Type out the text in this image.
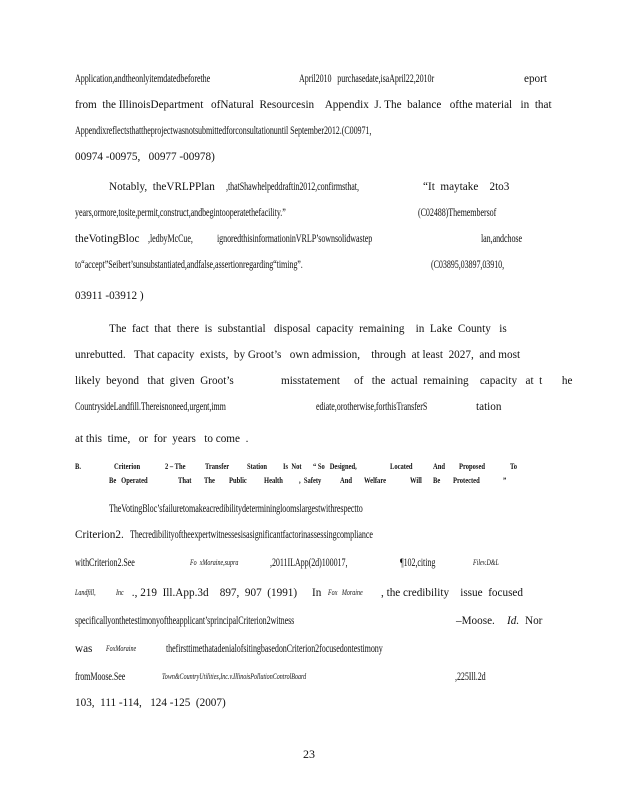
Application,andtheonlyitemdatedbeforethe	April2010   purchasedate,isaApril22,2010r	eport
from  the IllinoisDepartment ofNatural  Resourcesin    Appendix  J. The  balance   ofthe material   in  that
Appendixreflectsthattheprojectwasnotsubmittedforconsultationuntil September2012.(C00971,
00974 -00975,   00977 -00978)
Notably,  theVRLPPlan ,thatShawhelpeddraftin2012,confirmsthat,	“It  maytake    2to3
years,ormore,tosite,permit,construct,andbegintooperatethefacility.”	(C02488)Themembersof
theVotingBloc ,ledbyMcCue, ignoredthisinformationinVRLP’sownsolidwastep	lan,andchose
to“accept”Seibert’sunsubstantiated,andfalse,assertionregarding“timing”.	(C03895,03897,03910,
03911 -03912 )
The  fact  that  there  is  substantial   disposal  capacity  remaining    in  Lake  County   is
unrebutted.   That capacity  exists,  by Groot’s   own admission,    through  at least  2027,  and most
likely  beyond   that  given  Groot’s	misstatement     of   the  actual  remaining    capacity   at  t       he
CountrysideLandfill.Thereisnoneed,urgent,imm	ediate,orotherwise,forthisTransferS	tation
at this  time,   or  for  years   to come  .
B.	Criterion	2 – The Transfer Station Is  Not “ So   Designed,	Located And Proposed	To
Be   Operated	That The Public Health ,  Safety And Welfare	Will Be Protected	”
TheVotingBloc’sfailuretomakeacredibilitydeterminingloomslargestwithrespectto
Criterion2. Thecredibilityoftheexpertwitnessesisasignificantfactorinassessingcompliance
withCriterion2.See	Fo  xMoraine,supra	,2011ILApp(2d)100017,	¶102,citing	Filev.D&L
Landfill, Inc ., 219  Ill.App.3d    897,  907  (1991) In Fox   Moraine , the credibility    issue  focused
specificallyonthetestimonyoftheapplicant’sprincipalCriterion2witness	–Moose. Id. Nor
was FoxMoraine	thefirsttimethatadenialofsitingbasedonCriterion2focusedontestimony
fromMoose.See	Town&CountryUtilities,Inc.v.IllinoisPollutionControlBoard	,225Ill.2d
103,  111 -114,   124 -125  (2007)
23
